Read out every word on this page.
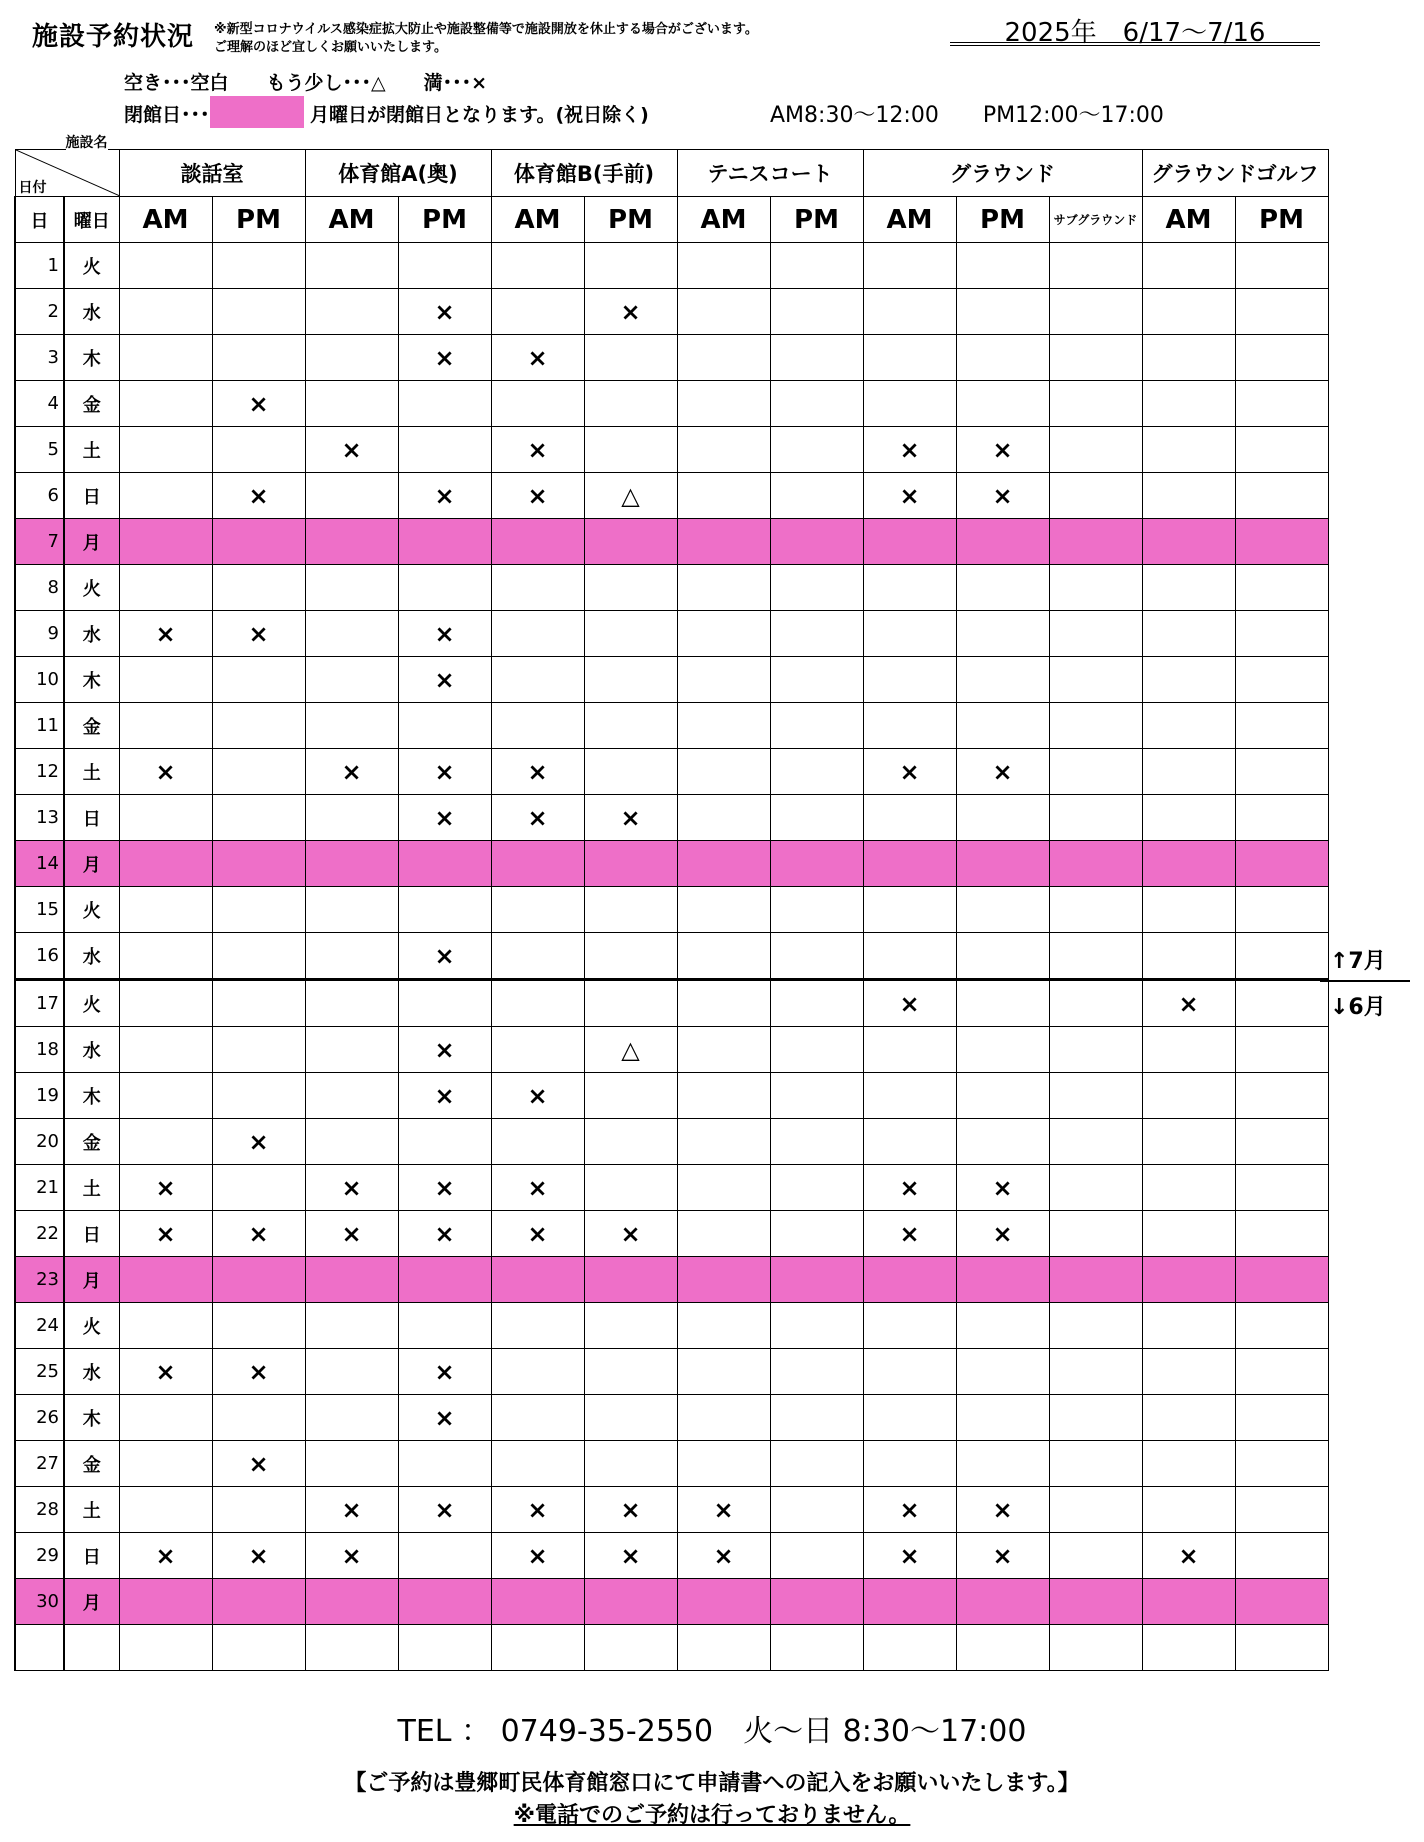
施設予約状況 ※新型コロナウイルス感染症拡大防止や施設整備等で施設開放を休止する場合がございます。
ご理解のほど宜しくお願いいたします。	2025年　6/17～7/16
空き･･･空白　　もう少し･･･△　　満･･･×
閉館日･･･	月曜日が閉館日となります。(祝日除く)	AM8:30～12:00　　PM12:00～17:00
施設名
日付		談話室		体育館A(奥)		体育館B(手前)		テニスコート		グラウンド			グラウンドゴルフ	
日	曜日	AM	PM	AM	PM	AM	PM	AM	PM	AM	PM	サブグラウンド	AM	PM
1	火													
2	水				×		×							
3	木				×	×								
4	金		×											
5	土			×		×				×	×			
6	日		×		×	×	△			×	×			
7	月													
8	火													
9	水	×	×		×									
10	木				×									
11	金													
12	土	×		×	×	×				×	×			
13	日				×	×	×							
14	月													
15	火													
16	水				×									
17	火									×			×	
18	水				×		△							
19	木				×	×								
20	金		×											
21	土	×		×	×	×				×	×			
22	日	×	×	×	×	×	×			×	×			
23	月													
24	火													
25	水	×	×		×									
26	木				×									
27	金		×											
28	土			×	×	×	×	×		×	×			
29	日	×	×	×		×	×	×		×	×		×	
30	月													

↑7月
↓6月
TEL ： 0749-35-2550　火～日 8:30～17:00
【ご予約は豊郷町民体育館窓口にて申請書への記入をお願いいたします。】
※電話でのご予約は行っておりません。
